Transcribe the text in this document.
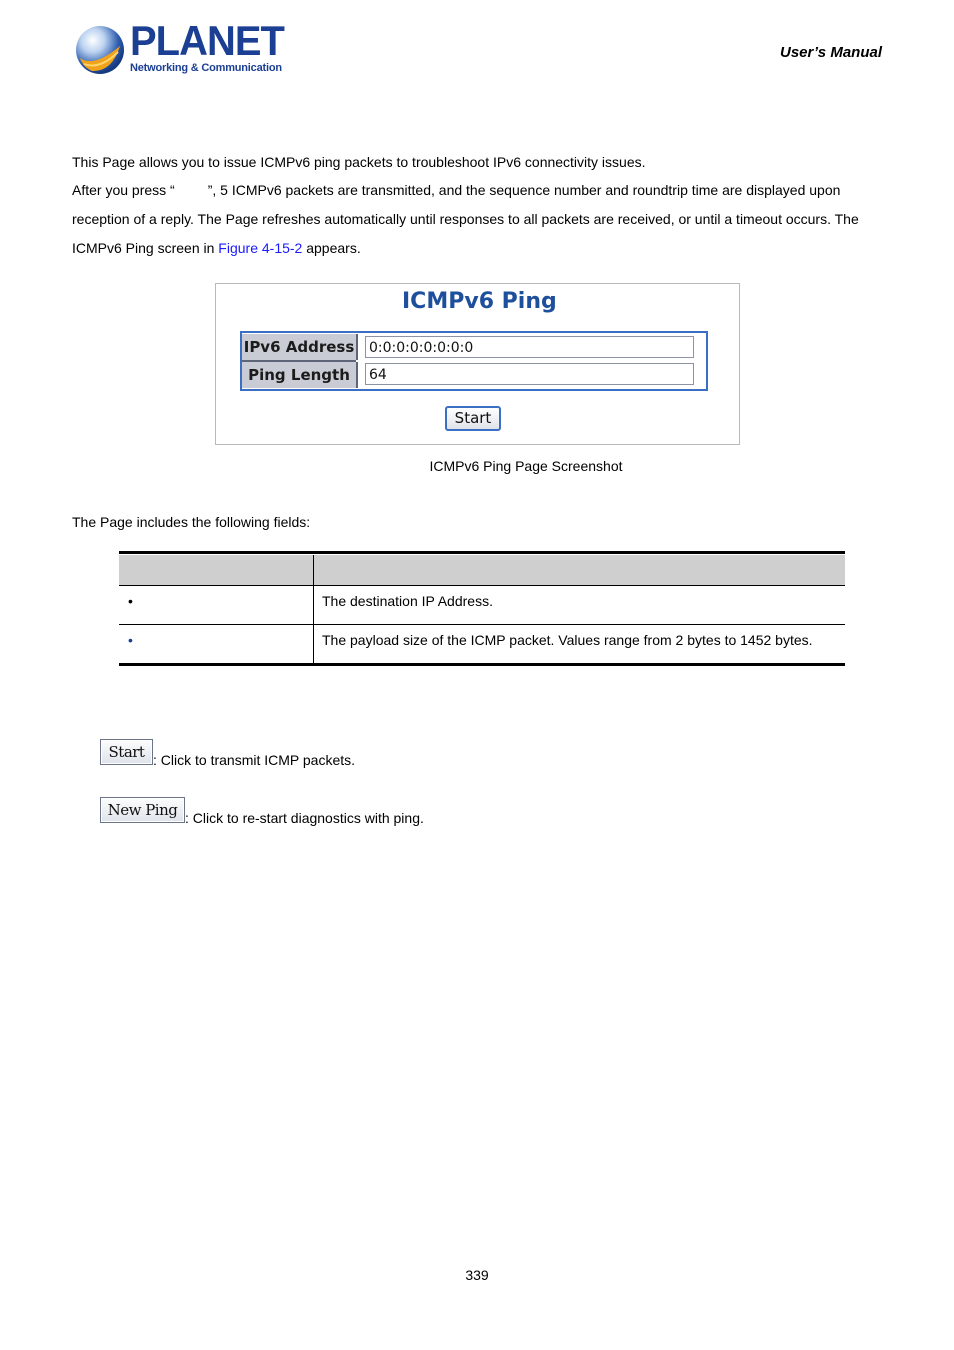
PLANET
Networking & Communication
User’s Manual
This Page allows you to issue ICMPv6 ping packets to troubleshoot IPv6 connectivity issues.
After you press “ ”, 5 ICMPv6 packets are transmitted, and the sequence number and roundtrip time are displayed upon
reception of a reply. The Page refreshes automatically until responses to all packets are received, or until a timeout occurs. The
ICMPv6 Ping screen in Figure 4-15-2 appears.
ICMPv6 Ping
IPv6 Address 0:0:0:0:0:0:0:0
Ping Length	64
Start
ICMPv6 Ping Page Screenshot
The Page includes the following fields:
•	The destination IP Address.
•	The payload size of the ICMP packet. Values range from 2 bytes to 1452 bytes.
Start : Click to transmit ICMP packets.
New Ping : Click to re-start diagnostics with ping.
339
